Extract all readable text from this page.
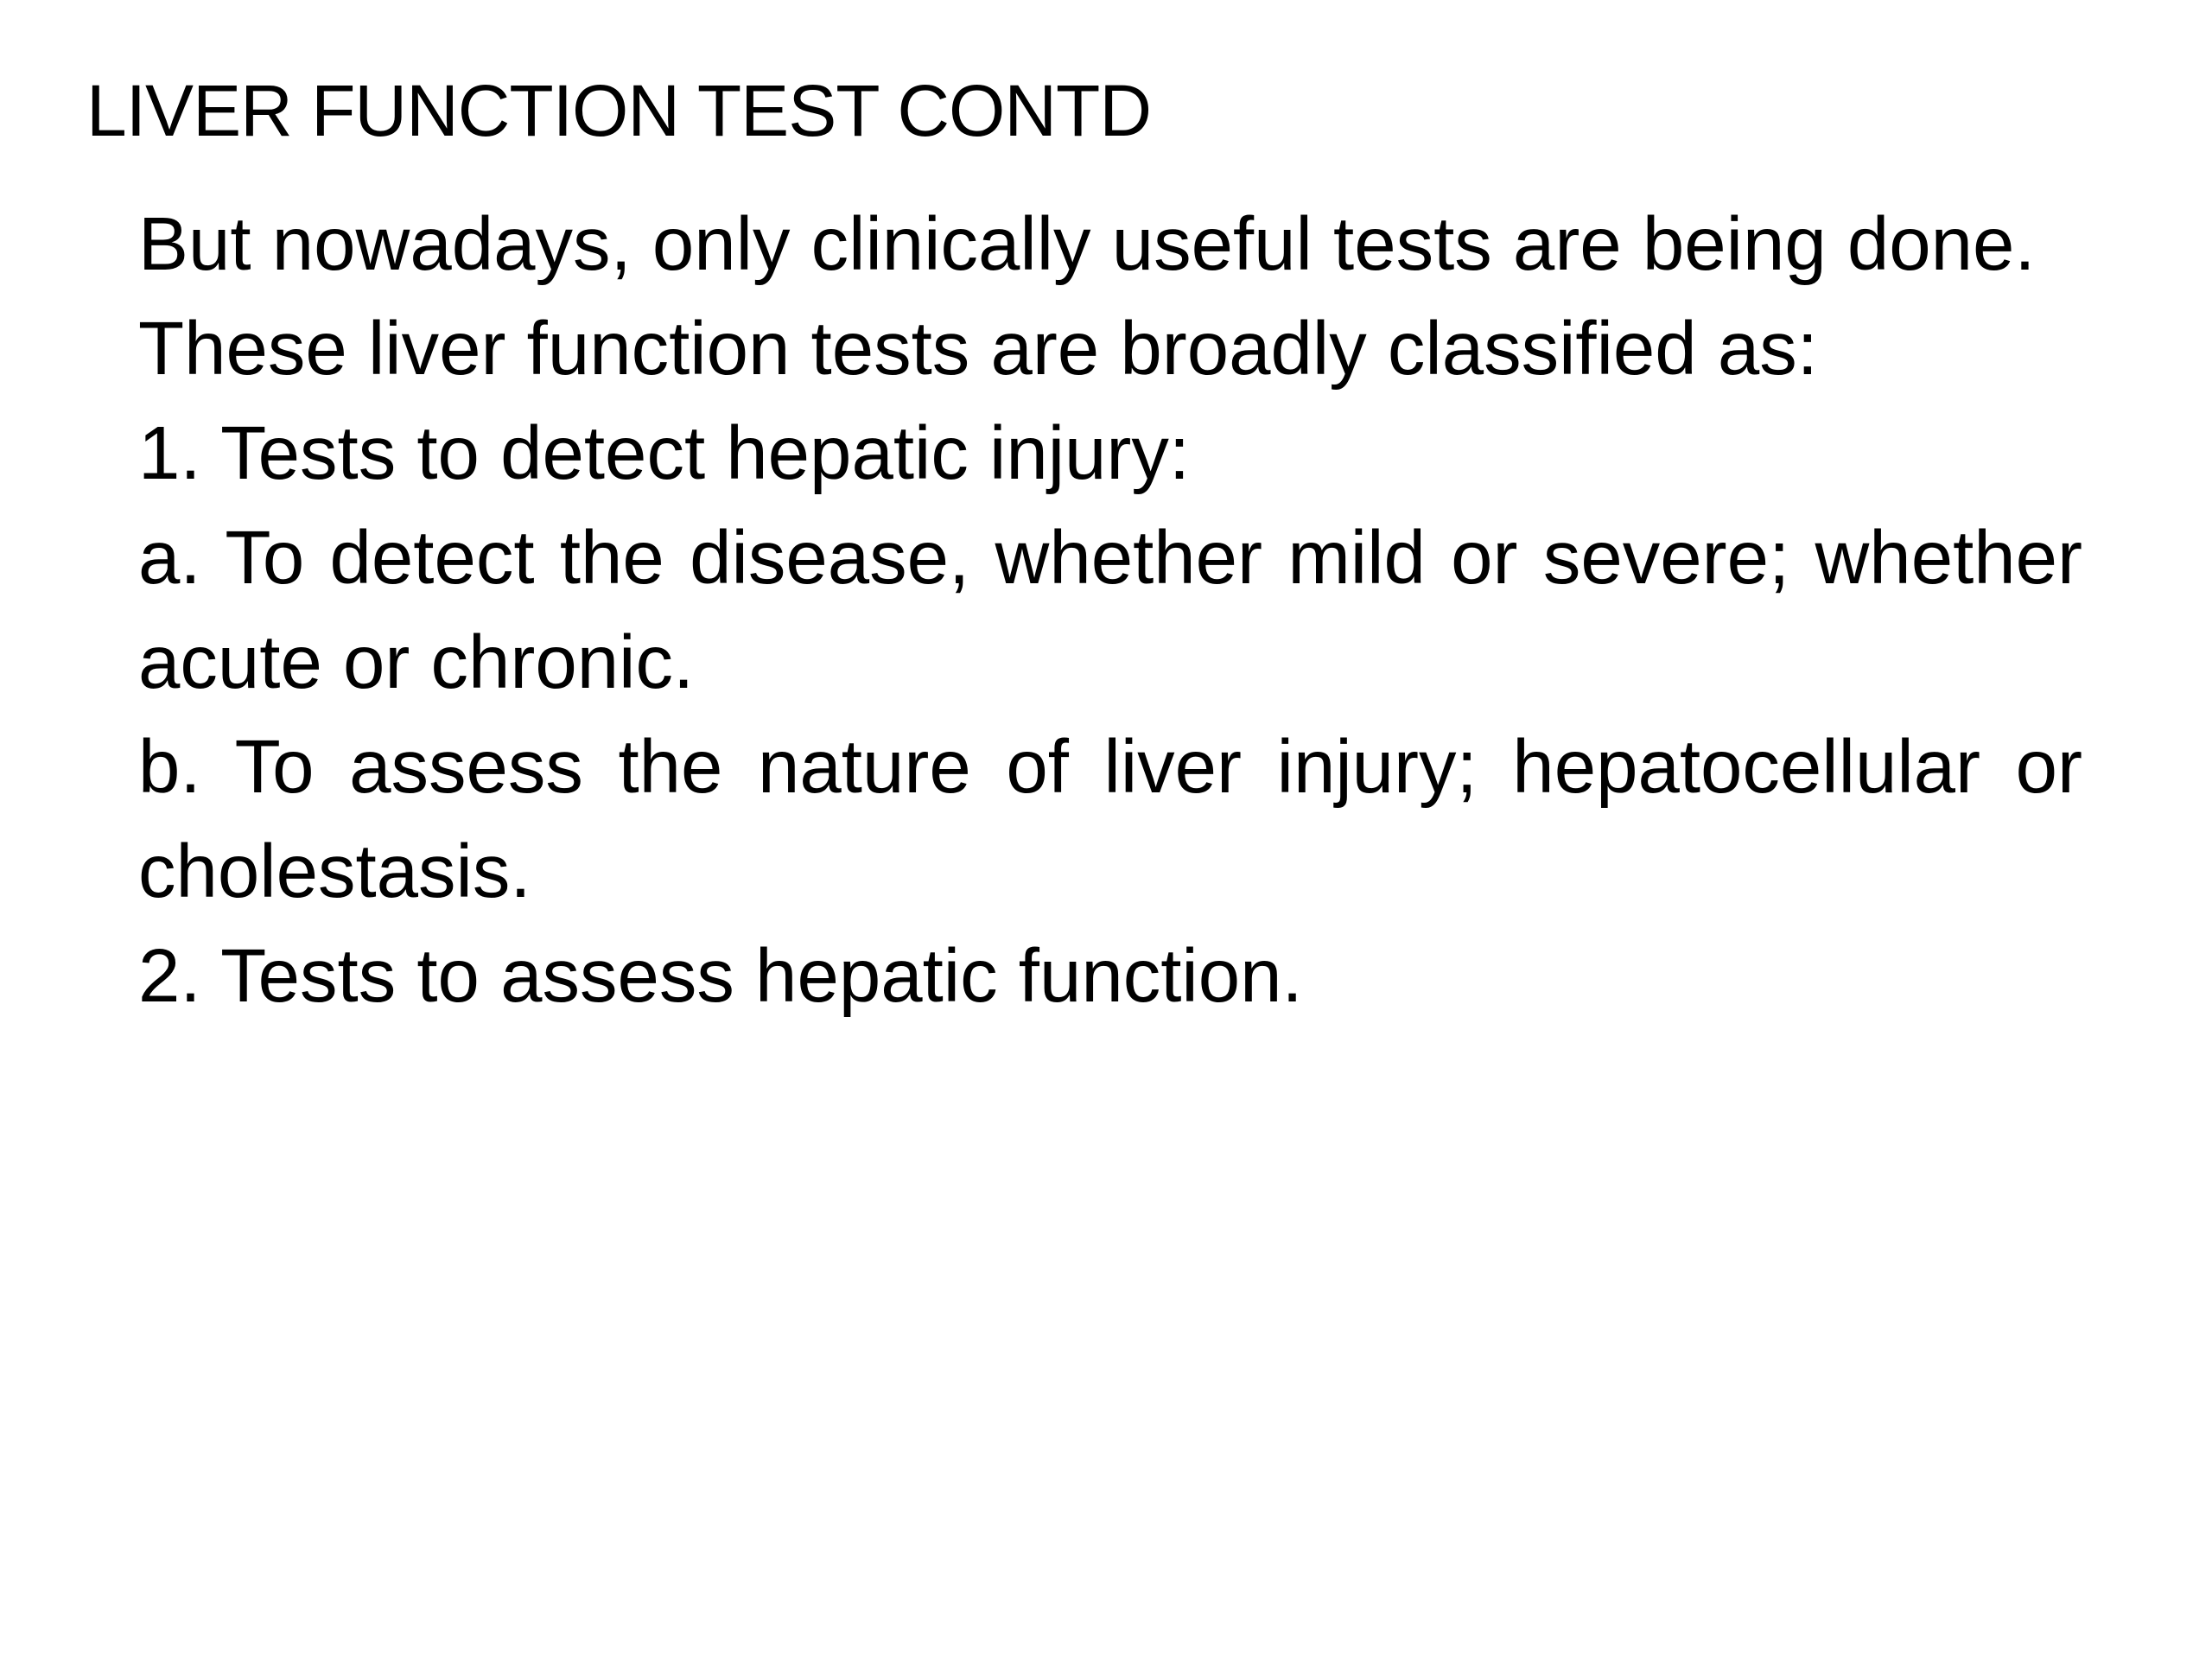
LIVER FUNCTION TEST CONTD

But nowadays, only clinically useful tests are being done.

These liver function tests are broadly classified as:

1. Tests to detect hepatic injury:

a. To detect the disease, whether mild or severe; whether acute or chronic.

b. To assess the nature of liver injury; hepatocellular or cholestasis.

2. Tests to assess hepatic function.
